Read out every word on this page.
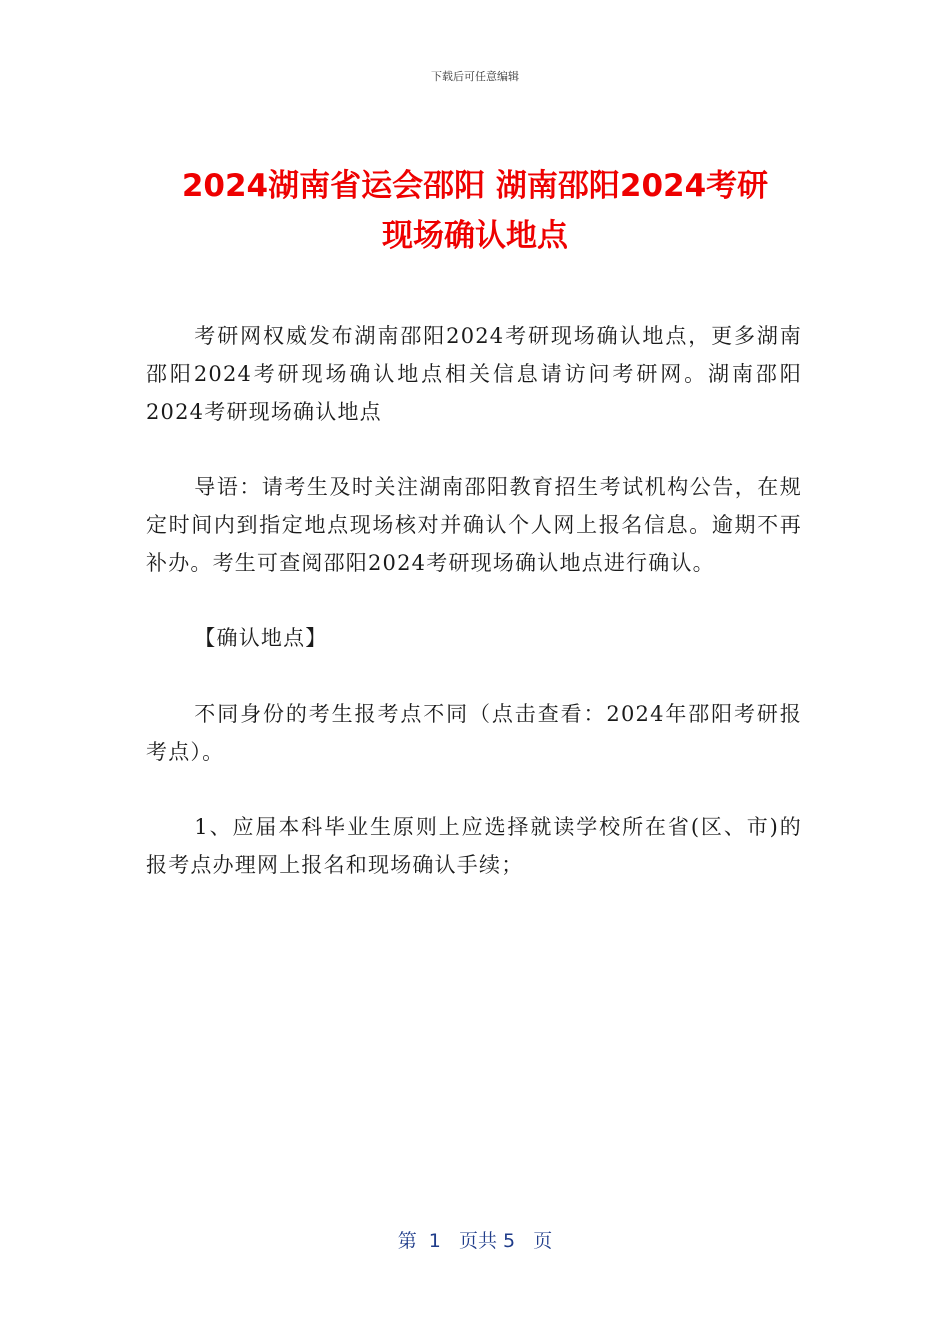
下载后可任意编辑
2024湖南省运会邵阳 湖南邵阳2024考研
现场确认地点

考研网权威发布湖南邵阳2024考研现场确认地点，更多湖南邵阳2024考研现场确认地点相关信息请访问考研网。湖南邵阳2024考研现场确认地点

导语：请考生及时关注湖南邵阳教育招生考试机构公告，在规定时间内到指定地点现场核对并确认个人网上报名信息。逾期不再补办。考生可查阅邵阳2024考研现场确认地点进行确认。

【确认地点】

不同身份的考生报考点不同（点击查看：2024年邵阳考研报考点）。

1、应届本科毕业生原则上应选择就读学校所在省(区、市)的报考点办理网上报名和现场确认手续；

第  1   页共 5   页
